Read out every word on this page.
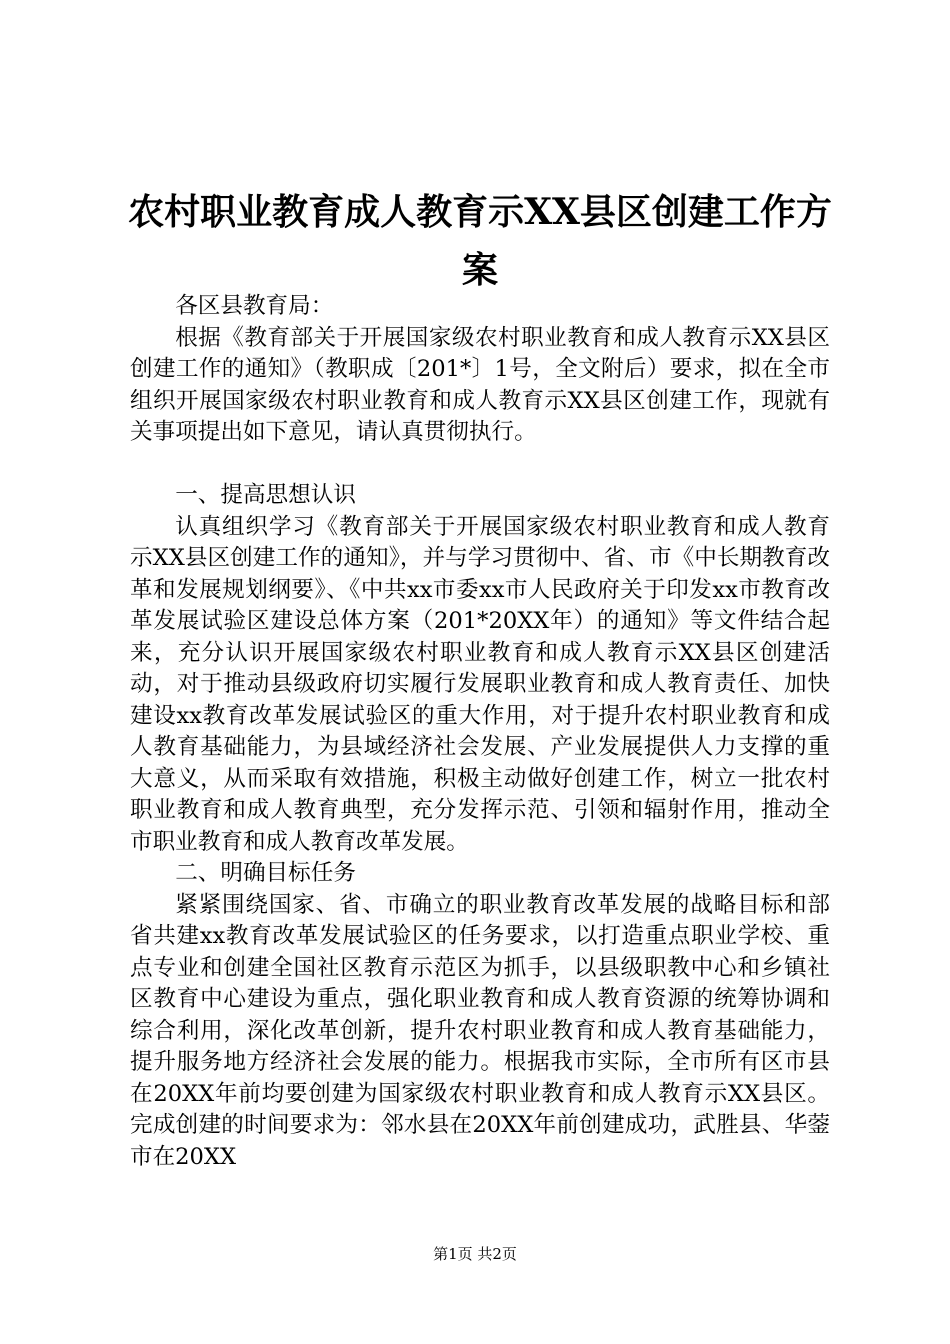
农村职业教育成人教育示XX县区创建工作方案

各区县教育局：

根据《教育部关于开展国家级农村职业教育和成人教育示XX县区创建工作的通知》（教职成〔201*〕1号，全文附后）要求，拟在全市组织开展国家级农村职业教育和成人教育示XX县区创建工作，现就有关事项提出如下意见，请认真贯彻执行。

一、提高思想认识

认真组织学习《教育部关于开展国家级农村职业教育和成人教育示XX县区创建工作的通知》，并与学习贯彻中、省、市《中长期教育改革和发展规划纲要》、《中共xx市委xx市人民政府关于印发xx市教育改革发展试验区建设总体方案（201*20XX年）的通知》等文件结合起来，充分认识开展国家级农村职业教育和成人教育示XX县区创建活动，对于推动县级政府切实履行发展职业教育和成人教育责任、加快建设xx教育改革发展试验区的重大作用，对于提升农村职业教育和成人教育基础能力，为县域经济社会发展、产业发展提供人力支撑的重大意义，从而采取有效措施，积极主动做好创建工作，树立一批农村职业教育和成人教育典型，充分发挥示范、引领和辐射作用，推动全市职业教育和成人教育改革发展。

二、明确目标任务

紧紧围绕国家、省、市确立的职业教育改革发展的战略目标和部省共建xx教育改革发展试验区的任务要求，以打造重点职业学校、重点专业和创建全国社区教育示范区为抓手，以县级职教中心和乡镇社区教育中心建设为重点，强化职业教育和成人教育资源的统筹协调和综合利用，深化改革创新，提升农村职业教育和成人教育基础能力，提升服务地方经济社会发展的能力。根据我市实际，全市所有区市县在20XX年前均要创建为国家级农村职业教育和成人教育示XX县区。完成创建的时间要求为：邻水县在20XX年前创建成功，武胜县、华蓥市在20XX

第1页 共2页
